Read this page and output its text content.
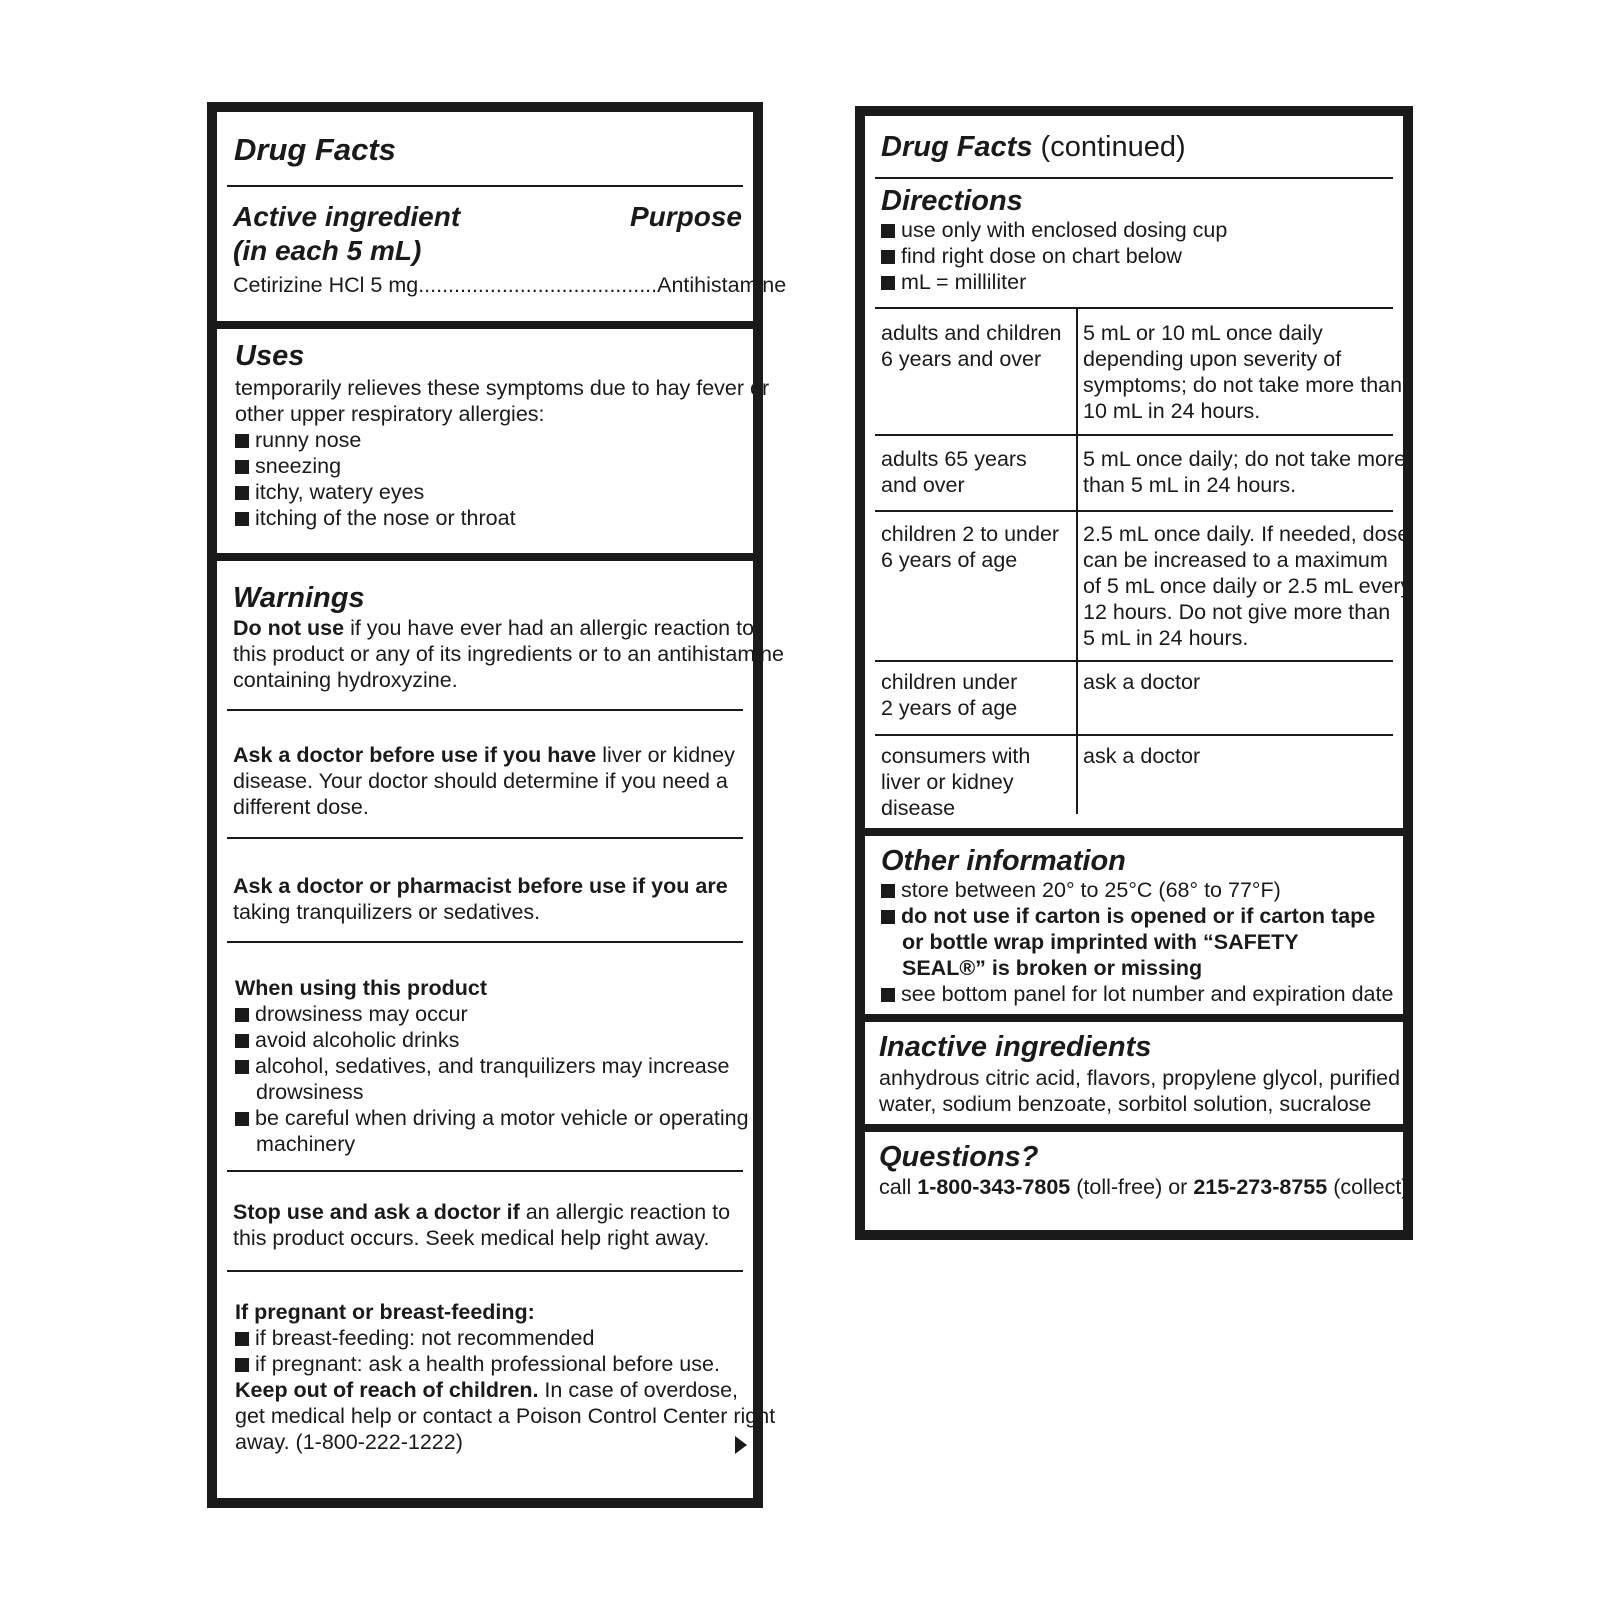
Drug Facts
Active ingredient	Purpose
(in each 5 mL)
Cetirizine HCl 5 mg........................................Antihistamine
Uses
temporarily relieves these symptoms due to hay fever or
other upper respiratory allergies:
runny nose
sneezing
itchy, watery eyes
itching of the nose or throat
Warnings
Do not use if you have ever had an allergic reaction to
this product or any of its ingredients or to an antihistamine
containing hydroxyzine.
Ask a doctor before use if you have liver or kidney
disease. Your doctor should determine if you need a
different dose.
Ask a doctor or pharmacist before use if you are
taking tranquilizers or sedatives.
When using this product
drowsiness may occur
avoid alcoholic drinks
alcohol, sedatives, and tranquilizers may increase
drowsiness
be careful when driving a motor vehicle or operating
machinery
Stop use and ask a doctor if an allergic reaction to
this product occurs. Seek medical help right away.
If pregnant or breast-feeding:
if breast-feeding: not recommended
if pregnant: ask a health professional before use.
Keep out of reach of children. In case of overdose,
get medical help or contact a Poison Control Center right
away. (1-800-222-1222)
Drug Facts (continued)
Directions
use only with enclosed dosing cup
find right dose on chart below
mL = milliliter
adults and children
6 years and over
5 mL or 10 mL once daily
depending upon severity of
symptoms; do not take more than
10 mL in 24 hours.
adults 65 years
and over
5 mL once daily; do not take more
than 5 mL in 24 hours.
children 2 to under
6 years of age
2.5 mL once daily. If needed, dose
can be increased to a maximum
of 5 mL once daily or 2.5 mL every
12 hours. Do not give more than
5 mL in 24 hours.
children under
2 years of age
ask a doctor
consumers with
liver or kidney
disease
ask a doctor
Other information
store between 20° to 25°C (68° to 77°F)
do not use if carton is opened or if carton tape
or bottle wrap imprinted with “SAFETY
SEAL®” is broken or missing
see bottom panel for lot number and expiration date
Inactive ingredients
anhydrous citric acid, flavors, propylene glycol, purified
water, sodium benzoate, sorbitol solution, sucralose
Questions?
call 1-800-343-7805 (toll-free) or 215-273-8755 (collect)
